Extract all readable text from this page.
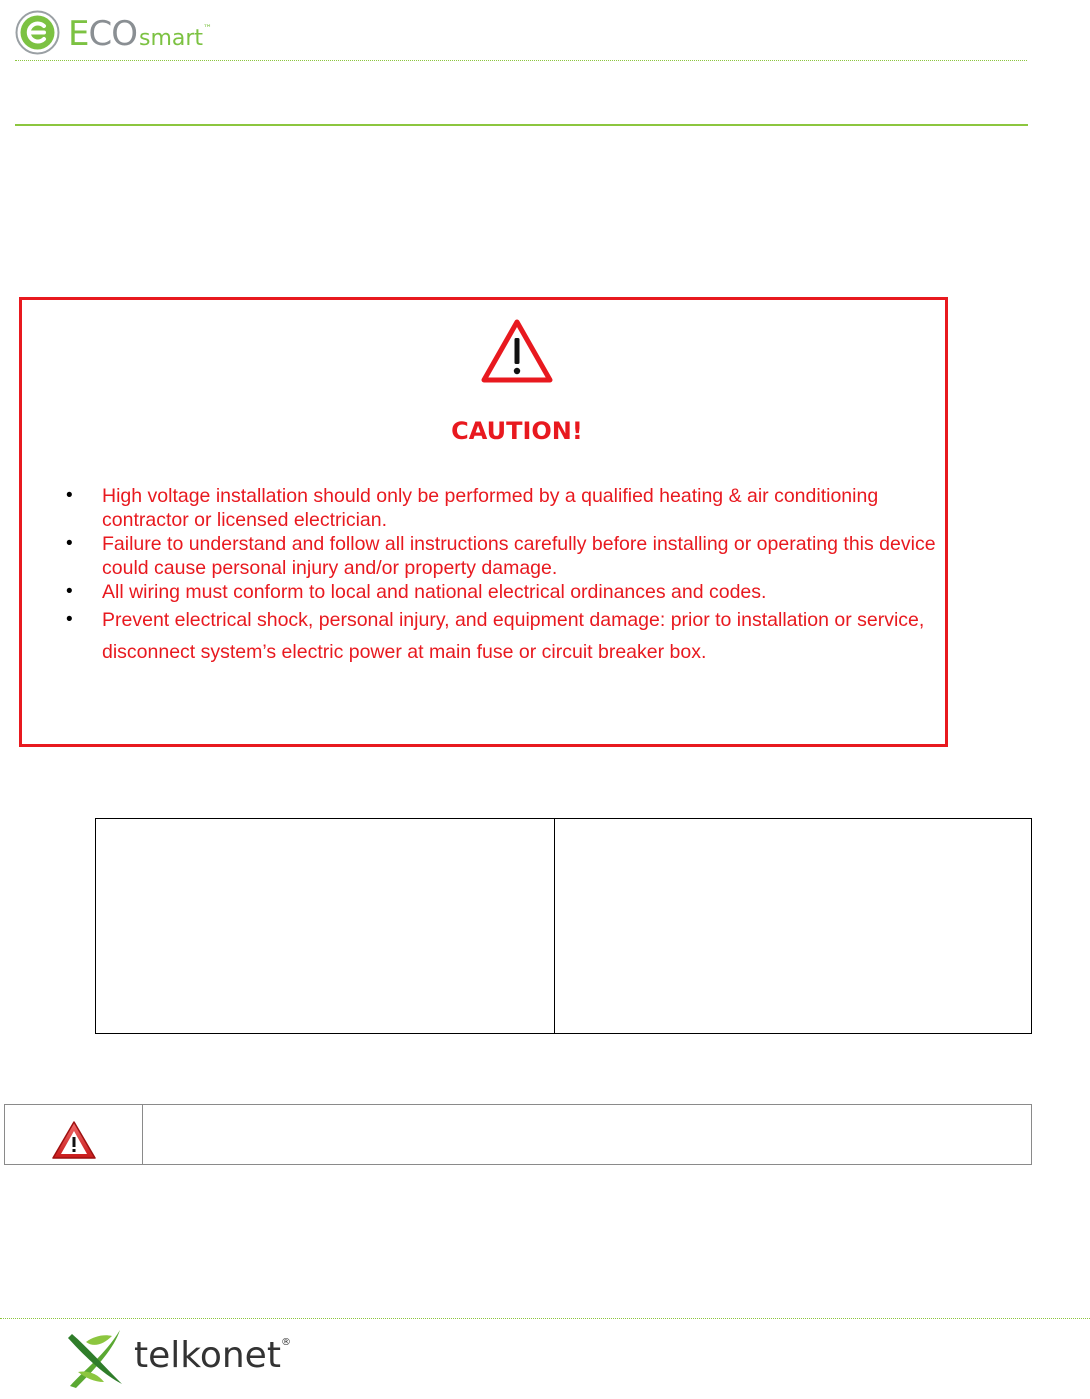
ECO smart ™
CAUTION!
• High voltage installation should only be performed by a qualified heating & air conditioning contractor or licensed electrician.
• Failure to understand and follow all instructions carefully before installing or operating this device could cause personal injury and/or property damage.
• All wiring must conform to local and national electrical ordinances and codes.
• Prevent electrical shock, personal injury, and equipment damage: prior to installation or service, disconnect system’s electric power at main fuse or circuit breaker box.
telkonet®
